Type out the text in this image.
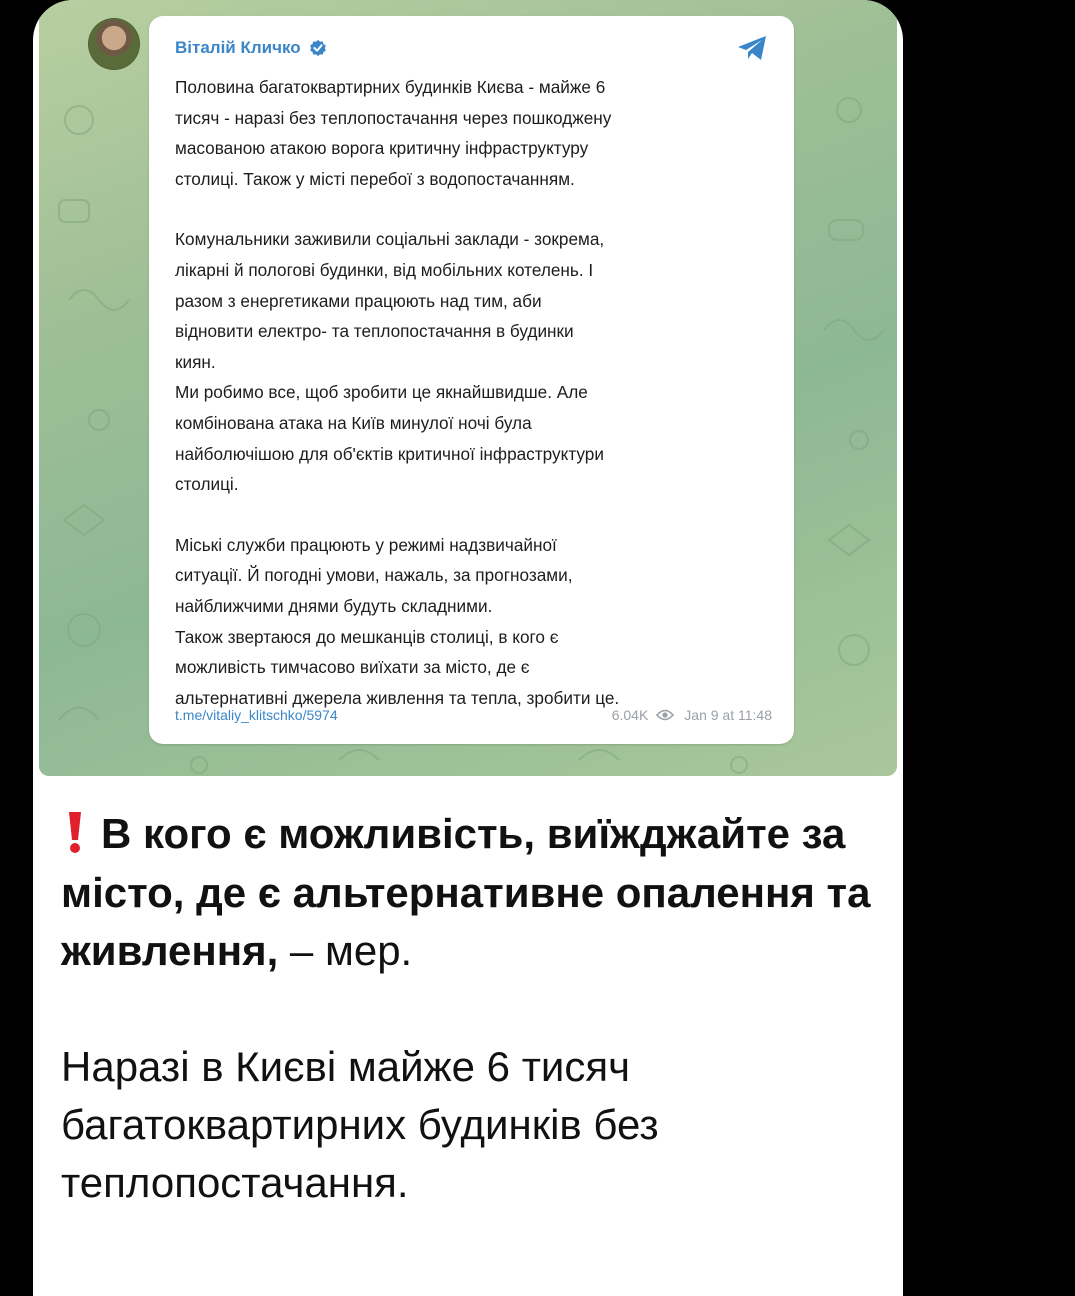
Віталій Кличко

Половина багатоквартирних будинків Києва - майже 6
тисяч - наразі без теплопостачання через пошкоджену
масованою атакою ворога критичну інфраструктуру
столиці. Також у місті перебої з водопостачанням.

Комунальники заживили соціальні заклади - зокрема,
лікарні й пологові будинки, від мобільних котелень. І
разом з енергетиками працюють над тим, аби
відновити електро- та теплопостачання в будинки
киян.
Ми робимо все, щоб зробити це якнайшвидше. Але
комбінована атака на Київ минулої ночі була
найболючішою для об'єктів критичної інфраструктури
столиці.

Міські служби працюють у режимі надзвичайної
ситуації. Й погодні умови, нажаль, за прогнозами,
найближчими днями будуть складними.
Також звертаюся до мешканців столиці, в кого є
можливість тимчасово виїхати за місто, де є
альтернативні джерела живлення та тепла, зробити це.

t.me/vitaliy_klitschko/5974	6.04K	Jan 9 at 11:48

В кого є можливість, виїжджайте за місто, де є альтернативне опалення та живлення, – мер.

Наразі в Києві майже 6 тисяч багатоквартирних будинків без теплопостачання.
